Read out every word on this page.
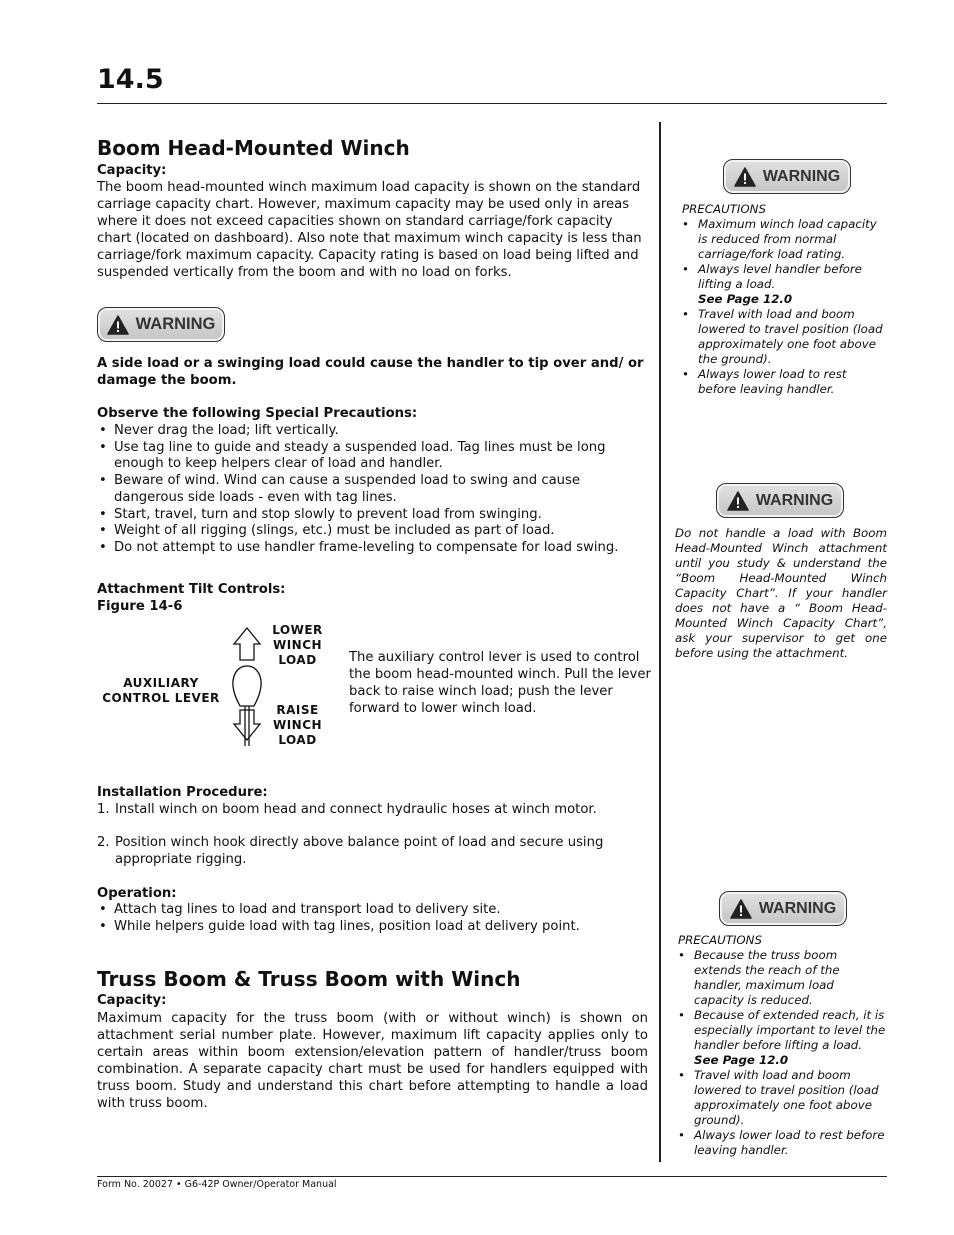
14.5
Boom Head-Mounted Winch

Capacity:

The boom head-mounted winch maximum load capacity is shown on the standard carriage capacity chart. However, maximum capacity may be used only in areas where it does not exceed capacities shown on standard carriage/fork capacity chart (located on dashboard). Also note that maximum winch capacity is less than carriage/fork maximum capacity. Capacity rating is based on load being lifted and suspended vertically from the boom and with no load on forks.

WARNING

A side load or a swinging load could cause the handler to tip over and/ or damage the boom.

Observe the following Special Precautions:

• Never drag the load; lift vertically.
• Use tag line to guide and steady a suspended load. Tag lines must be long enough to keep helpers clear of load and handler.
• Beware of wind. Wind can cause a suspended load to swing and cause dangerous side loads - even with tag lines.
• Start, travel, turn and stop slowly to prevent load from swinging.
• Weight of all rigging (slings, etc.) must be included as part of load.
• Do not attempt to use handler frame-leveling to compensate for load swing.

Attachment Tilt Controls:

Figure 14-6

LOWER WINCH LOAD
RAISE WINCH LOAD
AUXILIARY CONTROL LEVER

The auxiliary control lever is used to control the boom head-mounted winch. Pull the lever back to raise winch load; push the lever forward to lower winch load.

Installation Procedure:

1. Install winch on boom head and connect hydraulic hoses at winch motor.
2. Position winch hook directly above balance point of load and secure using appropriate rigging.

Operation:

• Attach tag lines to load and transport load to delivery site.
• While helpers guide load with tag lines, position load at delivery point.
Truss Boom & Truss Boom with Winch

Capacity:

Maximum capacity for the truss boom (with or without winch) is shown on attachment serial number plate. However, maximum lift capacity applies only to certain areas within boom extension/elevation pattern of handler/truss boom combination. A separate capacity chart must be used for handlers equipped with truss boom. Study and understand this chart before attempting to handle a load with truss boom.

WARNING
PRECAUTIONS
• Maximum winch load capacity is reduced from normal carriage/fork load rating.
• Always level handler before lifting a load.
See Page 12.0
• Travel with load and boom lowered to travel position (load approximately one foot above the ground).
• Always lower load to rest before leaving handler.
WARNING
Do not handle a load with Boom Head-Mounted Winch attachment until you study & understand the “Boom Head-Mounted Winch Capacity Chart”. If your handler does not have a “ Boom Head-Mounted Winch Capacity Chart”, ask your supervisor to get one before using the attachment.
WARNING
PRECAUTIONS
• Because the truss boom extends the reach of the handler, maximum load capacity is reduced.
• Because of extended reach, it is especially important to level the handler before lifting a load. See Page 12.0
• Travel with load and boom lowered to travel position (load approximately one foot above ground).
• Always lower load to rest before leaving handler.
Form No. 20027 • G6-42P Owner/Operator Manual
